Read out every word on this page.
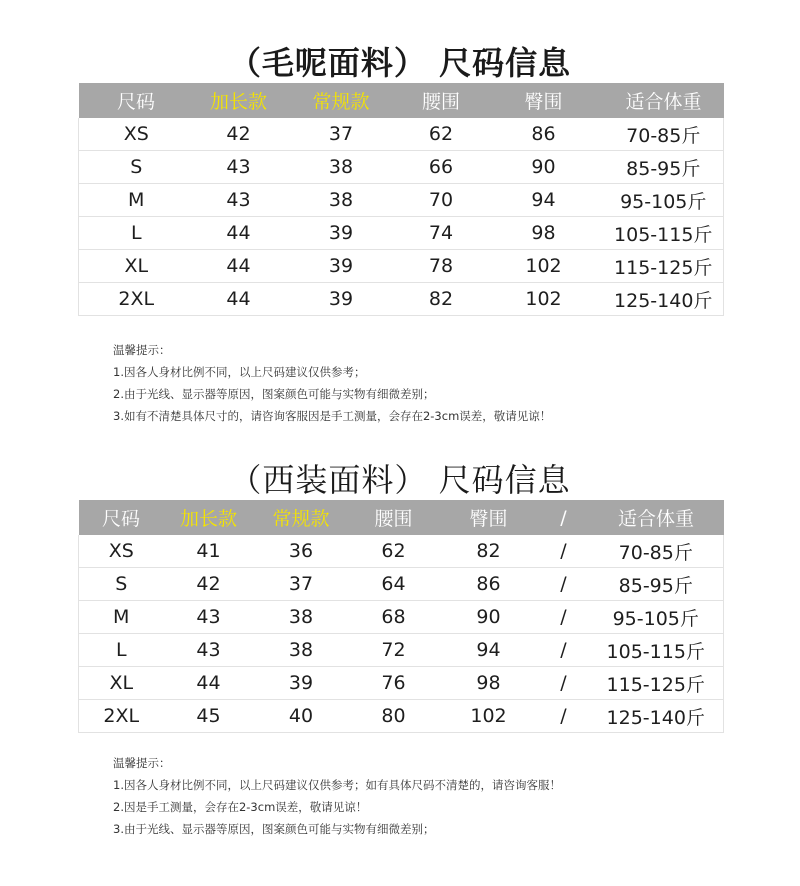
（毛呢面料） 尺码信息
尺码	加长款	常规款	腰围	臀围	适合体重
XS	42	37	62	86	70-85斤
S	43	38	66	90	85-95斤
M	43	38	70	94	95-105斤
L	44	39	74	98	105-115斤
XL	44	39	78	102	115-125斤
2XL	44	39	82	102	125-140斤
温馨提示：
1.因各人身材比例不同，以上尺码建议仅供参考；
2.由于光线、显示器等原因，图案颜色可能与实物有细微差别；
3.如有不清楚具体尺寸的，请咨询客服因是手工测量，会存在2-3cm误差，敬请见谅！
（西装面料） 尺码信息
尺码	加长款	常规款	腰围	臀围	/	适合体重
XS	41	36	62	82	/	70-85斤
S	42	37	64	86	/	85-95斤
M	43	38	68	90	/	95-105斤
L	43	38	72	94	/	105-115斤
XL	44	39	76	98	/	115-125斤
2XL	45	40	80	102	/	125-140斤
温馨提示：
1.因各人身材比例不同，以上尺码建议仅供参考；如有具体尺码不清楚的，请咨询客服！
2.因是手工测量，会存在2-3cm误差，敬请见谅！
3.由于光线、显示器等原因，图案颜色可能与实物有细微差别；
